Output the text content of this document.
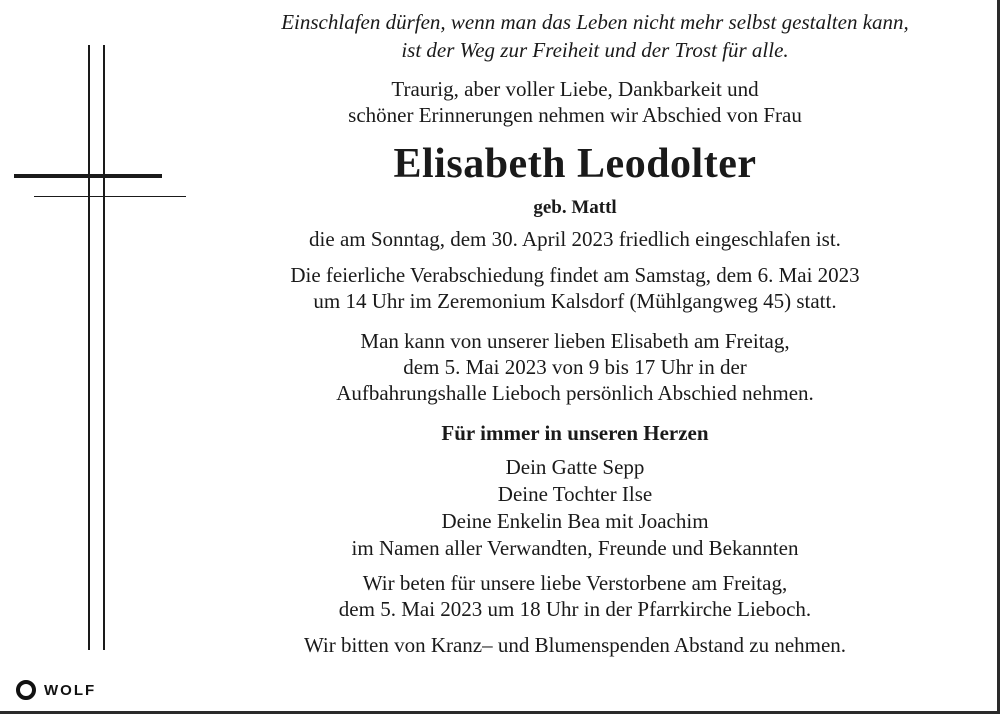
WOLF

Einschlafen dürfen, wenn man das Leben nicht mehr selbst gestalten kann,

ist der Weg zur Freiheit und der Trost für alle.

Traurig, aber voller Liebe, Dankbarkeit und

schöner Erinnerungen nehmen wir Abschied von Frau

Elisabeth Leodolter

geb. Mattl

die am Sonntag, dem 30. April 2023 friedlich eingeschlafen ist.

Die feierliche Verabschiedung findet am Samstag, dem 6. Mai 2023

um 14 Uhr im Zeremonium Kalsdorf (Mühlgangweg 45) statt.

Man kann von unserer lieben Elisabeth am Freitag,

dem 5. Mai 2023 von 9 bis 17 Uhr in der

Aufbahrungshalle Lieboch persönlich Abschied nehmen.

Für immer in unseren Herzen

Dein Gatte Sepp

Deine Tochter Ilse

Deine Enkelin Bea mit Joachim

im Namen aller Verwandten, Freunde und Bekannten

Wir beten für unsere liebe Verstorbene am Freitag,

dem 5. Mai 2023 um 18 Uhr in der Pfarrkirche Lieboch.

Wir bitten von Kranz– und Blumenspenden Abstand zu nehmen.
